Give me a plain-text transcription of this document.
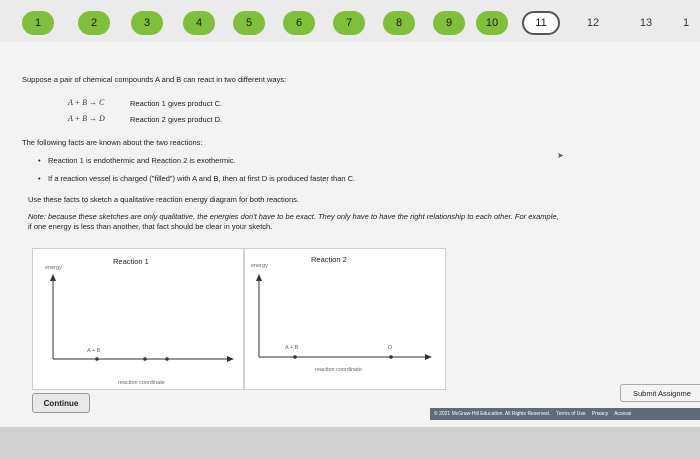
1	2	3	4	5	6	7	8	9	10	11	12	13	1
Suppose a pair of chemical compounds A and B can react in two different ways:
A + B → C	Reaction 1 gives product C.
A + B → D	Reaction 2 gives product D.
The following facts are known about the two reactions:
• Reaction 1 is endothermic and Reaction 2 is exothermic.
• If a reaction vessel is charged ("filled") with A and B, then at first D is produced faster than C.
Use these facts to sketch a qualitative reaction energy diagram for both reactions.
Note: because these sketches are only qualitative, the energies don't have to be exact. They only have to have the right relationship to each other. For example,
if one energy is less than another, that fact should be clear in your sketch.
➤
Reaction 1
energy
A + B
reaction coordinate
Reaction 2
energy
A + B	D
reaction coordinate
Continue
Submit Assignme
© 2021 McGraw-Hill Education. All Rights Reserved. Terms of Use Privacy Accessi
